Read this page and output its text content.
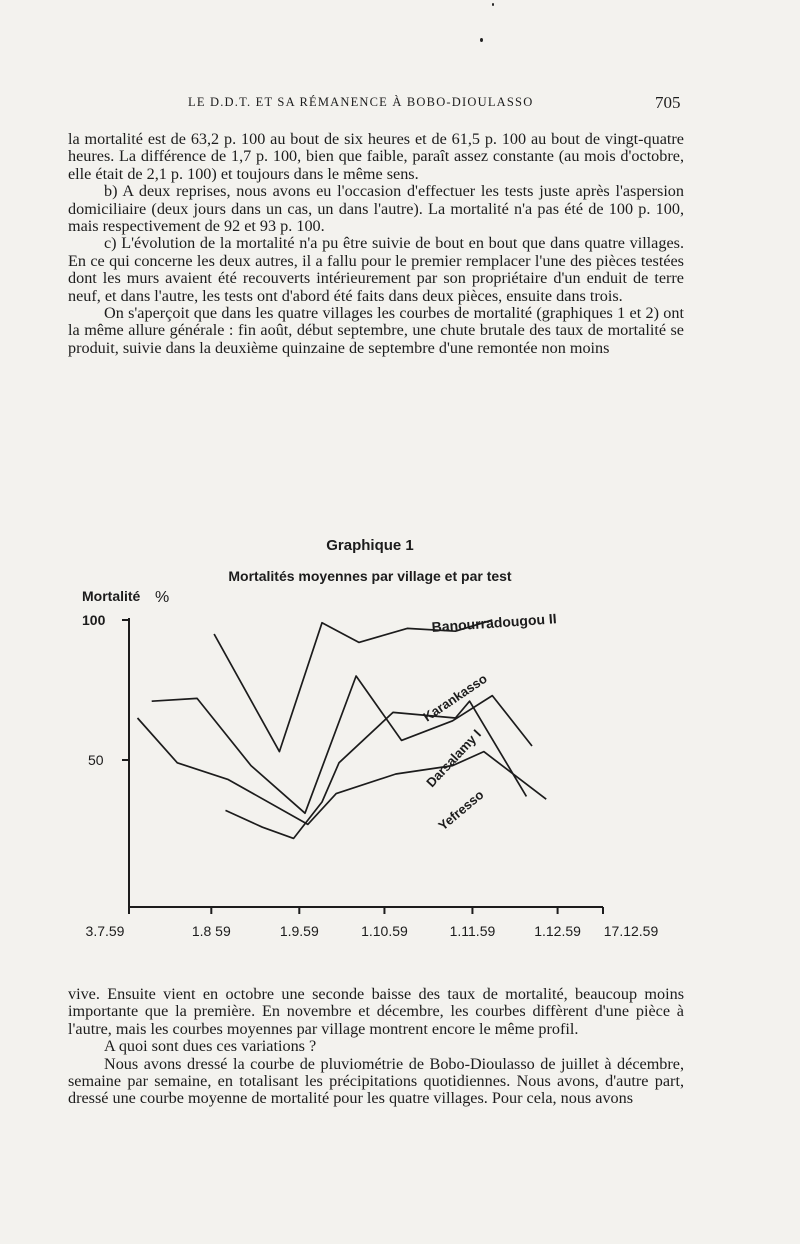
LE D.D.T. ET SA RÉMANENCE À BOBO-DIOULASSO	705

la mortalité est de 63,2 p. 100 au bout de six heures et de 61,5 p. 100 au bout de vingt-quatre heures. La différence de 1,7 p. 100, bien que faible, paraît assez constante (au mois d'octobre, elle était de 2,1 p. 100) et toujours dans le même sens.

b) A deux reprises, nous avons eu l'occasion d'effectuer les tests juste après l'aspersion domiciliaire (deux jours dans un cas, un dans l'autre). La mortalité n'a pas été de 100 p. 100, mais respectivement de 92 et 93 p. 100.

c) L'évolution de la mortalité n'a pu être suivie de bout en bout que dans quatre villages. En ce qui concerne les deux autres, il a fallu pour le premier remplacer l'une des pièces testées dont les murs avaient été recouverts intérieurement par son propriétaire d'un enduit de terre neuf, et dans l'autre, les tests ont d'abord été faits dans deux pièces, ensuite dans trois.

On s'aperçoit que dans les quatre villages les courbes de mortalité (graphiques 1 et 2) ont la même allure générale : fin août, début septembre, une chute brutale des taux de mortalité se produit, suivie dans la deuxième quinzaine de septembre d'une remontée non moins

Graphique 1
Mortalités moyennes par village et par test
Mortalité %
100
50
3.7.59	1.8 59	1.9.59	1.10.59	1.11.59	1.12.59 17.12.59
Banourradougou II
Karankasso
Darsalamy I
Yefresso

vive. Ensuite vient en octobre une seconde baisse des taux de mortalité, beaucoup moins importante que la première. En novembre et décembre, les courbes diffèrent d'une pièce à l'autre, mais les courbes moyennes par village montrent encore le même profil.

A quoi sont dues ces variations ?

Nous avons dressé la courbe de pluviométrie de Bobo-Dioulasso de juillet à décembre, semaine par semaine, en totalisant les précipitations quotidiennes. Nous avons, d'autre part, dressé une courbe moyenne de mortalité pour les quatre villages. Pour cela, nous avons
